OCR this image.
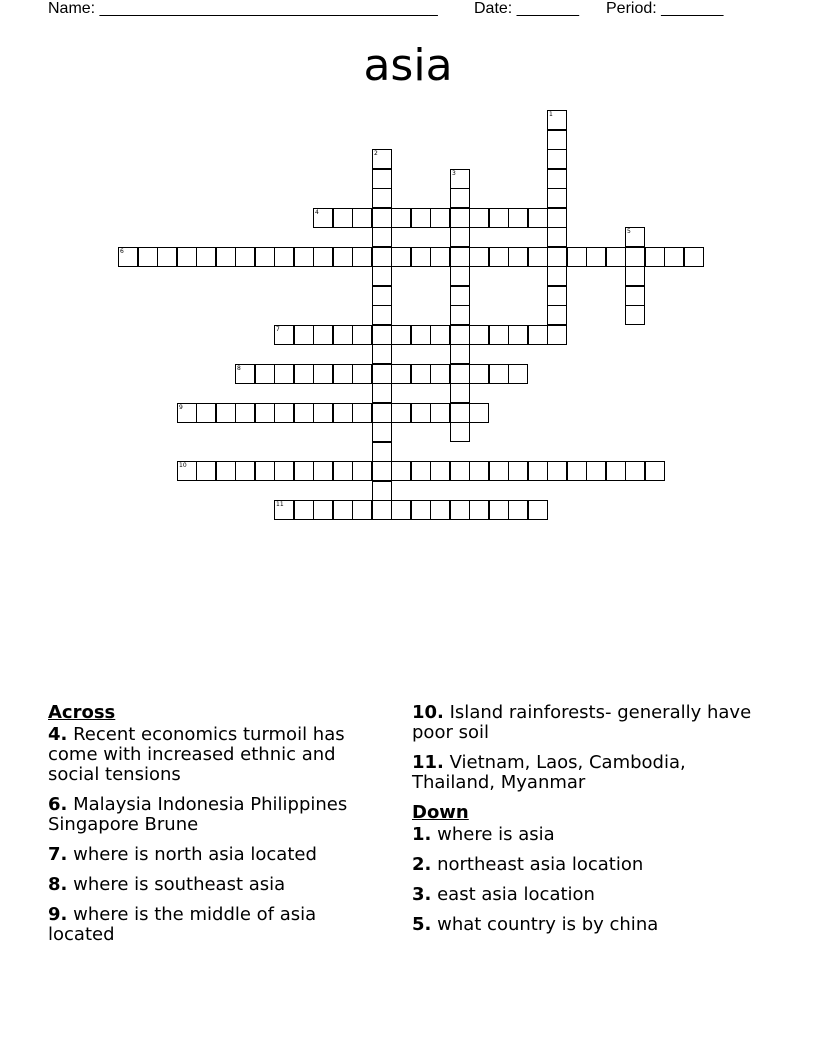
Name: ______________________________________ Date: _______ Period: _______
asia
4
6
7
8
9
10
11
1
2
3
5
Across
4. Recent economics turmoil has come with increased ethnic and social tensions
6. Malaysia Indonesia Philippines Singapore Brune
7. where is north asia located
8. where is southeast asia
9. where is the middle of asia located
10. Island rainforests- generally have poor soil
11. Vietnam, Laos, Cambodia, Thailand, Myanmar
Down
1. where is asia
2. northeast asia location
3. east asia location
5. what country is by china
